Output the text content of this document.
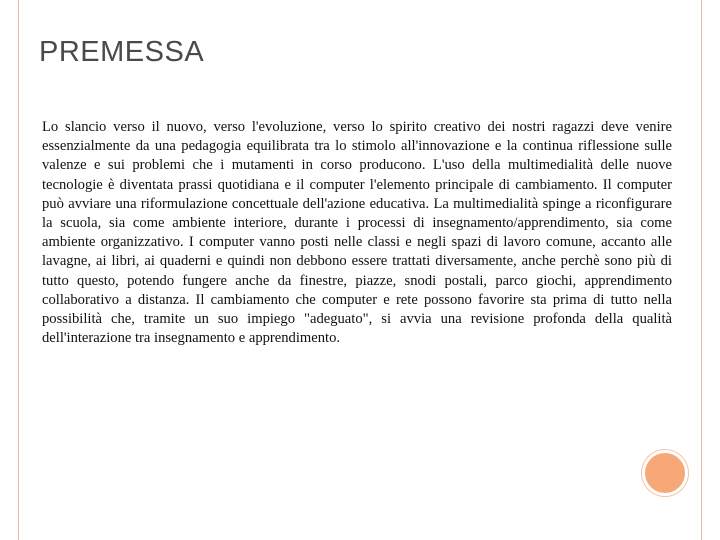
PREMESSA

Lo slancio verso il nuovo, verso l'evoluzione, verso lo spirito creativo dei nostri ragazzi deve venire essenzialmente da una pedagogia equilibrata tra lo stimolo all'innovazione e la continua riflessione sulle valenze e sui problemi che i mutamenti in corso producono. L'uso della multimedialità delle nuove tecnologie è diventata prassi quotidiana e il computer l'elemento principale di cambiamento. Il computer può avviare una riformulazione concettuale dell'azione educativa. La multimedialità spinge a riconfigurare la scuola, sia come ambiente interiore, durante i processi di insegnamento/apprendimento, sia come ambiente organizzativo. I computer vanno posti nelle classi e negli spazi di lavoro comune, accanto alle lavagne, ai libri, ai quaderni e quindi non debbono essere trattati diversamente, anche perchè sono più di tutto questo, potendo fungere anche da finestre, piazze, snodi postali, parco giochi, apprendimento collaborativo a distanza. Il cambiamento che computer e rete possono favorire sta prima di tutto nella possibilità che, tramite un suo impiego "adeguato", si avvia una revisione profonda della qualità dell'interazione tra insegnamento e apprendimento.
